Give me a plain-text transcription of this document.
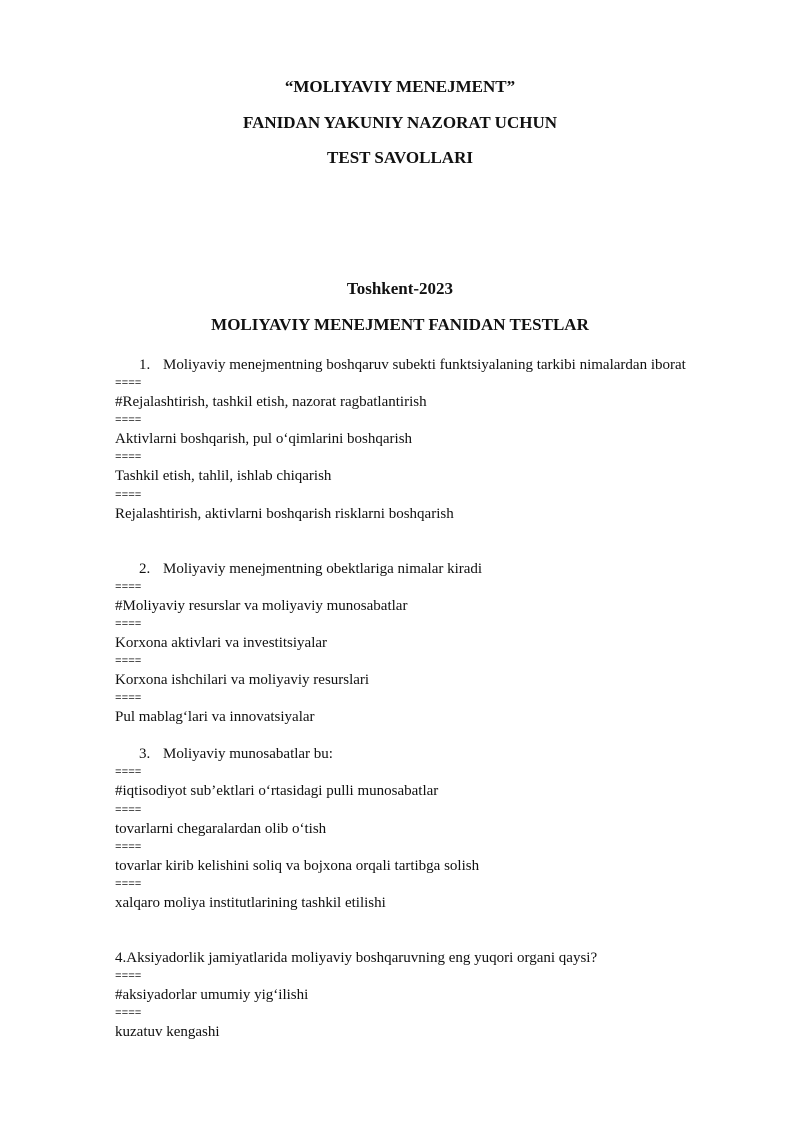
“MOLIYAVIY MENEJMENT”

FANIDAN YAKUNIY NAZORAT UCHUN

TEST SAVOLLARI

Toshkent-2023

MOLIYAVIY MENEJMENT FANIDAN TESTLAR

1. Moliyaviy menejmentning boshqaruv subekti funktsiyalaning tarkibi nimalardan iborat

====

#Rejalashtirish, tashkil etish, nazorat ragbatlantirish

====

Aktivlarni boshqarish, pul o‘qimlarini boshqarish

====

Tashkil etish, tahlil, ishlab chiqarish

====

Rejalashtirish, aktivlarni boshqarish risklarni boshqarish

2. Moliyaviy menejmentning obektlariga nimalar kiradi

====

#Moliyaviy resurslar va moliyaviy munosabatlar

====

Korxona aktivlari va investitsiyalar

====

Korxona ishchilari va moliyaviy resurslari

====

Pul mablag‘lari va innovatsiyalar

3. Moliyaviy munosabatlar bu:

====

#iqtisodiyot sub’ektlari o‘rtasidagi pulli munosabatlar

====

tovarlarni chegaralardan olib o‘tish

====

tovarlar kirib kelishini soliq va bojxona orqali tartibga solish

====

xalqaro moliya institutlarining tashkil etilishi

4.Aksiyadorlik jamiyatlarida moliyaviy boshqaruvning eng yuqori organi qaysi?

====

#aksiyadorlar umumiy yig‘ilishi

====

kuzatuv kengashi
